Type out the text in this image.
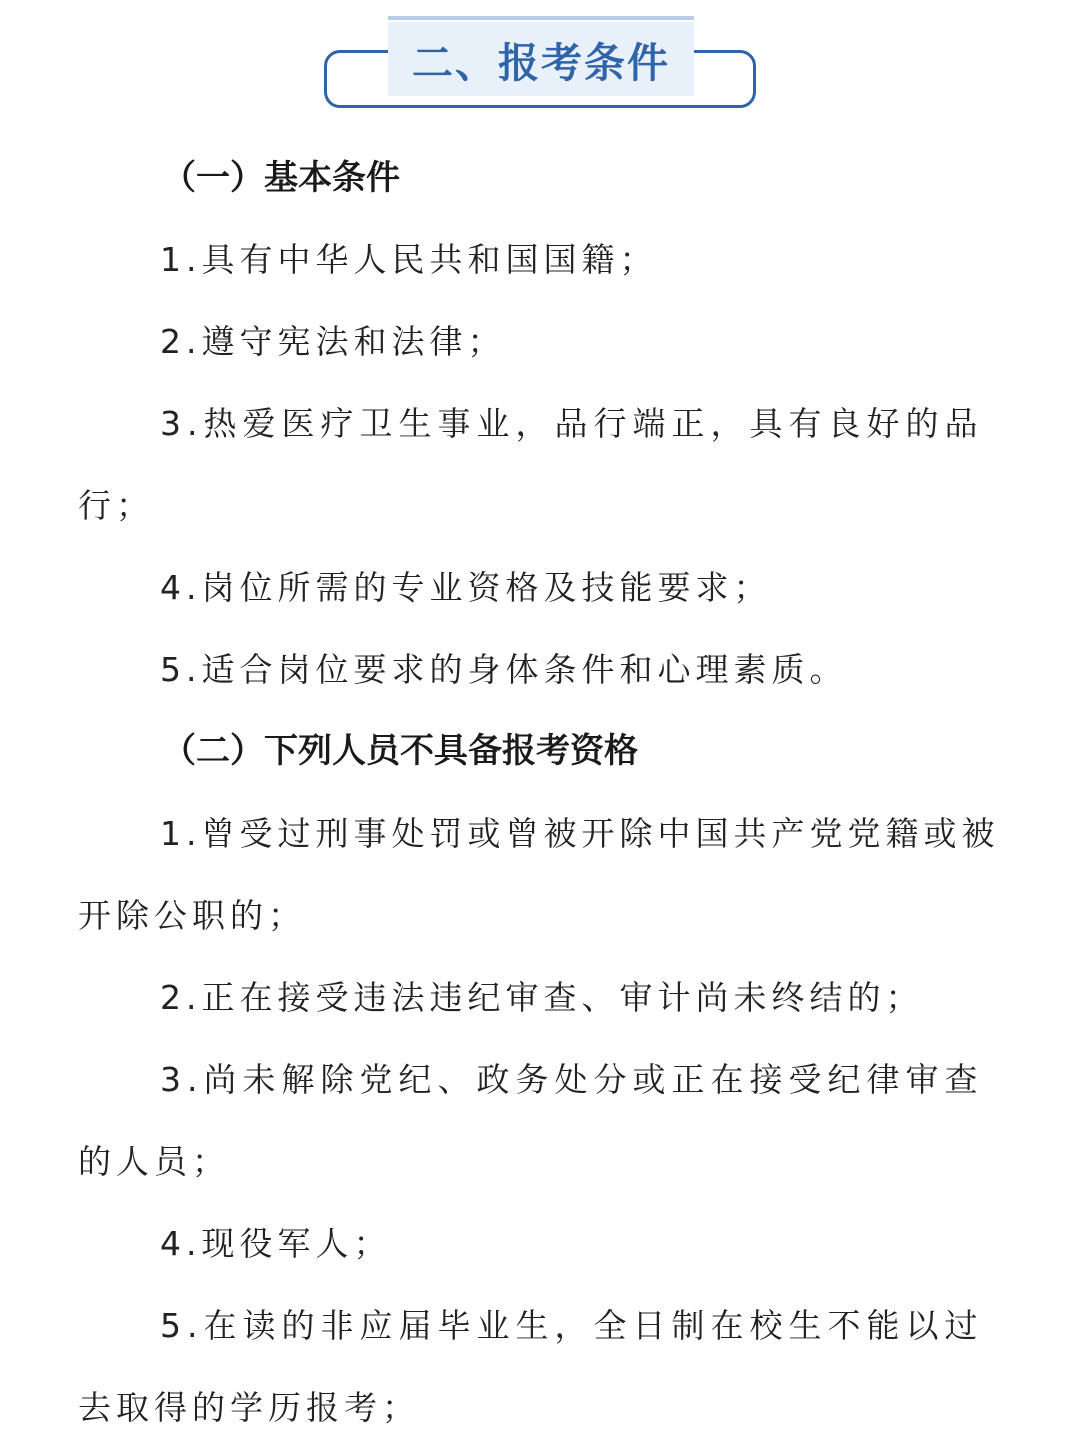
二、报考条件
（一）基本条件
1.具有中华人民共和国国籍；
2.遵守宪法和法律；
3.热爱医疗卫生事业，品行端正，具有良好的品
行；
4.岗位所需的专业资格及技能要求；
5.适合岗位要求的身体条件和心理素质。
（二）下列人员不具备报考资格
1.曾受过刑事处罚或曾被开除中国共产党党籍或被
开除公职的；
2.正在接受违法违纪审查、审计尚未终结的；
3.尚未解除党纪、政务处分或正在接受纪律审查
的人员；
4.现役军人；
5.在读的非应届毕业生，全日制在校生不能以过
去取得的学历报考；
